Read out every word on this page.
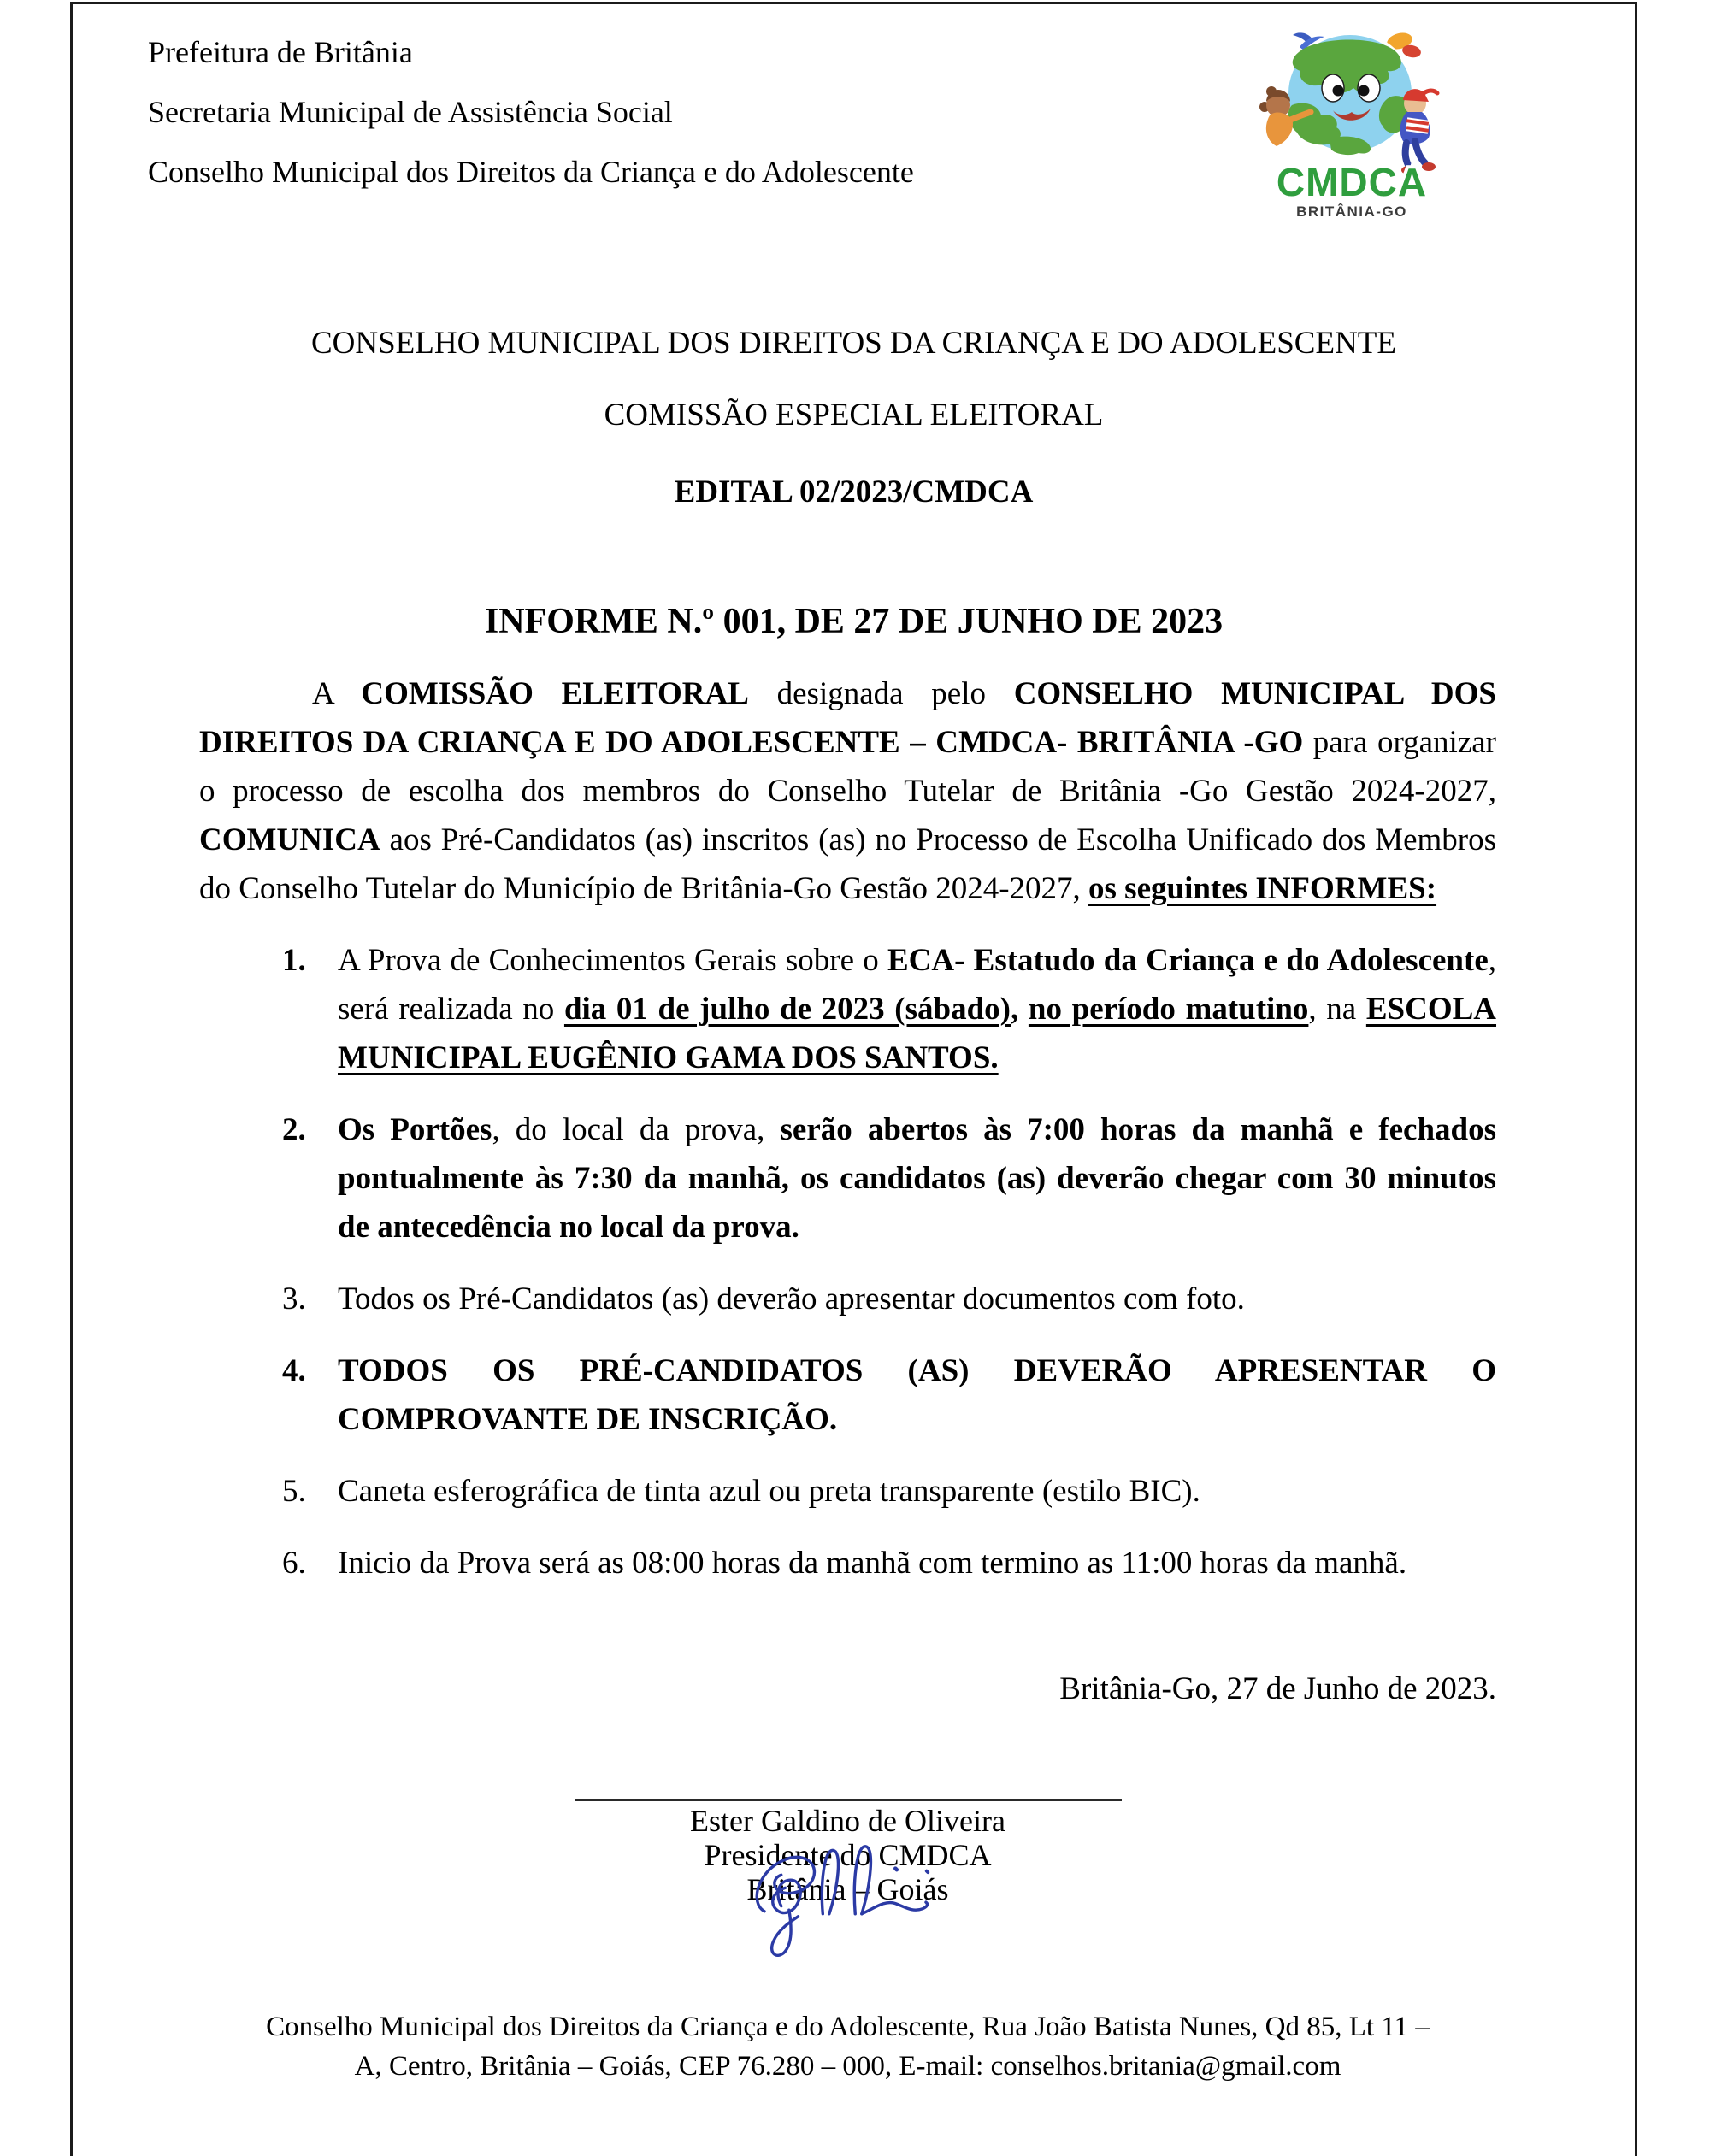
Prefeitura de Britânia
Secretaria Municipal de Assistência Social
Conselho Municipal dos Direitos da Criança e do Adolescente	CMDCA
BRITÂNIA-GO
CONSELHO MUNICIPAL DOS DIREITOS DA CRIANÇA E DO ADOLESCENTE
COMISSÃO ESPECIAL ELEITORAL
EDITAL 02/2023/CMDCA
INFORME N.º 001, DE 27 DE JUNHO DE 2023

A COMISSÃO ELEITORAL designada pelo CONSELHO MUNICIPAL DOS DIREITOS DA CRIANÇA E DO ADOLESCENTE – CMDCA- BRITÂNIA -GO para organizar o processo de escolha dos membros do Conselho Tutelar de Britânia -Go Gestão 2024-2027, COMUNICA aos Pré-Candidatos (as) inscritos (as) no Processo de Escolha Unificado dos Membros do Conselho Tutelar do Município de Britânia-Go Gestão 2024-2027, os seguintes INFORMES:

1.	A Prova de Conhecimentos Gerais sobre o ECA- Estatudo da Criança e do Adolescente, será realizada no dia 01 de julho de 2023 (sábado), no período matutino, na ESCOLA MUNICIPAL EUGÊNIO GAMA DOS SANTOS.
2.	Os Portões, do local da prova, serão abertos às 7:00 horas da manhã e fechados pontualmente às 7:30 da manhã, os candidatos (as) deverão chegar com 30 minutos de antecedência no local da prova.
3.	Todos os Pré-Candidatos (as) deverão apresentar documentos com foto.
4.	TODOS OS PRÉ-CANDIDATOS (AS) DEVERÃO APRESENTAR O COMPROVANTE DE INSCRIÇÃO.
5.	Caneta esferográfica de tinta azul ou preta transparente (estilo BIC).
6.	Inicio da Prova será as 08:00 horas da manhã com termino as 11:00 horas da manhã.
Britânia-Go, 27 de Junho de 2023.
Ester Galdino de Oliveira
Presidente do CMDCA
Britânia – Goiás
Conselho Municipal dos Direitos da Criança e do Adolescente, Rua João Batista Nunes, Qd 85, Lt 11 –
A, Centro, Britânia – Goiás, CEP 76.280 – 000, E-mail: conselhos.britania@gmail.com
